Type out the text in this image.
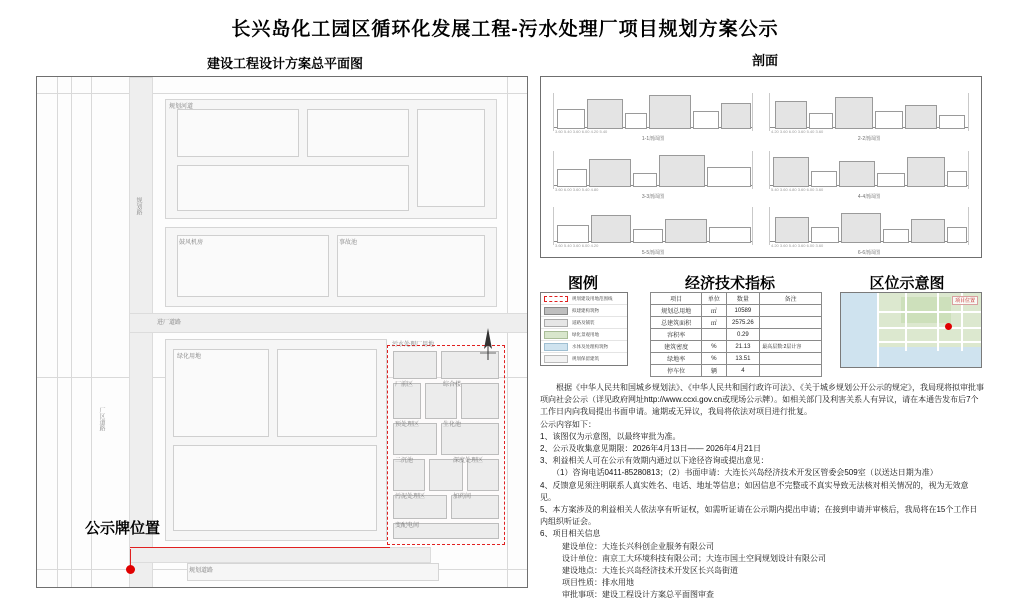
长兴岛化工园区循环化发展工程-污水处理厂项目规划方案公示
建设工程设计方案总平面图	剖面
规划河道
污水处理厂用地
厂前区	综合楼
预处理区	生化池
二沉池	深度处理区
污泥处理区	加药间
变配电间
鼓风机房	事故池
绿化用地
规划道路
规划路
厂区道路
进厂道路
公示牌位置
3.60 5.40 3.60 6.00 4.20 5.40
1-1剖面图
4.20 3.60 6.00 3.60 5.40 3.60
2-2剖面图
3.60 6.00 3.60 5.40 4.80
3-3剖面图
5.40 3.60 4.80 3.60 6.00 3.60
4-4剖面图
3.60 5.40 3.60 6.00 4.20
5-5剖面图
4.20 3.60 5.40 3.60 6.00 3.60
6-6剖面图
图例
规划建设用地范围线
拟建建构筑物
道路及铺装
绿化景观用地
水体及处理构筑物
规划保留建筑
经济技术指标
项目	单位	数量	备注
规划总用地	㎡	10589	
总建筑面积	㎡	2575.26	
容积率		0.29	
建筑密度	%	21.13	最高层数:2层计容
绿地率	%	13.51	
停车位	辆	4	
区位示意图
项目位置

根据《中华人民共和国城乡规划法》、《中华人民共和国行政许可法》、《关于城乡规划公开公示的规定》，我局现将拟审批事项向社会公示（详见政府网址http://www.ccxi.gov.cn或现场公示牌）。如相关部门及利害关系人有异议，请在本通告发布后7个工作日内向我局提出书面申请。逾期或无异议，我局将依法对项目进行批复。

公示内容如下：

1、该图仅为示意图，以最终审批为准。

2、公示及收集意见期限：2026年4月13日—— 2026年4月21日

3、利益相关人可在公示有效期内通过以下途径咨询或提出意见：

（1）咨询电话0411-85280813；（2）书面申请：大连长兴岛经济技术开发区管委会509室（以送达日期为准）

4、反馈意见须注明联系人真实姓名、电话、地址等信息；如因信息不完整或不真实导致无法核对相关情况的，视为无效意见。

5、本方案涉及的利益相关人依法享有听证权，如需听证请在公示期内提出申请；在接到申请并审核后，我局将在15个工作日内组织听证会。

6、项目相关信息

建设单位：大连长兴科创企业服务有限公司

设计单位：南京工大环境科技有限公司；大连市国土空间规划设计有限公司

建设地点：大连长兴岛经济技术开发区长兴岛街道

项目性质：排水用地

审批事项：建设工程设计方案总平面图审查
